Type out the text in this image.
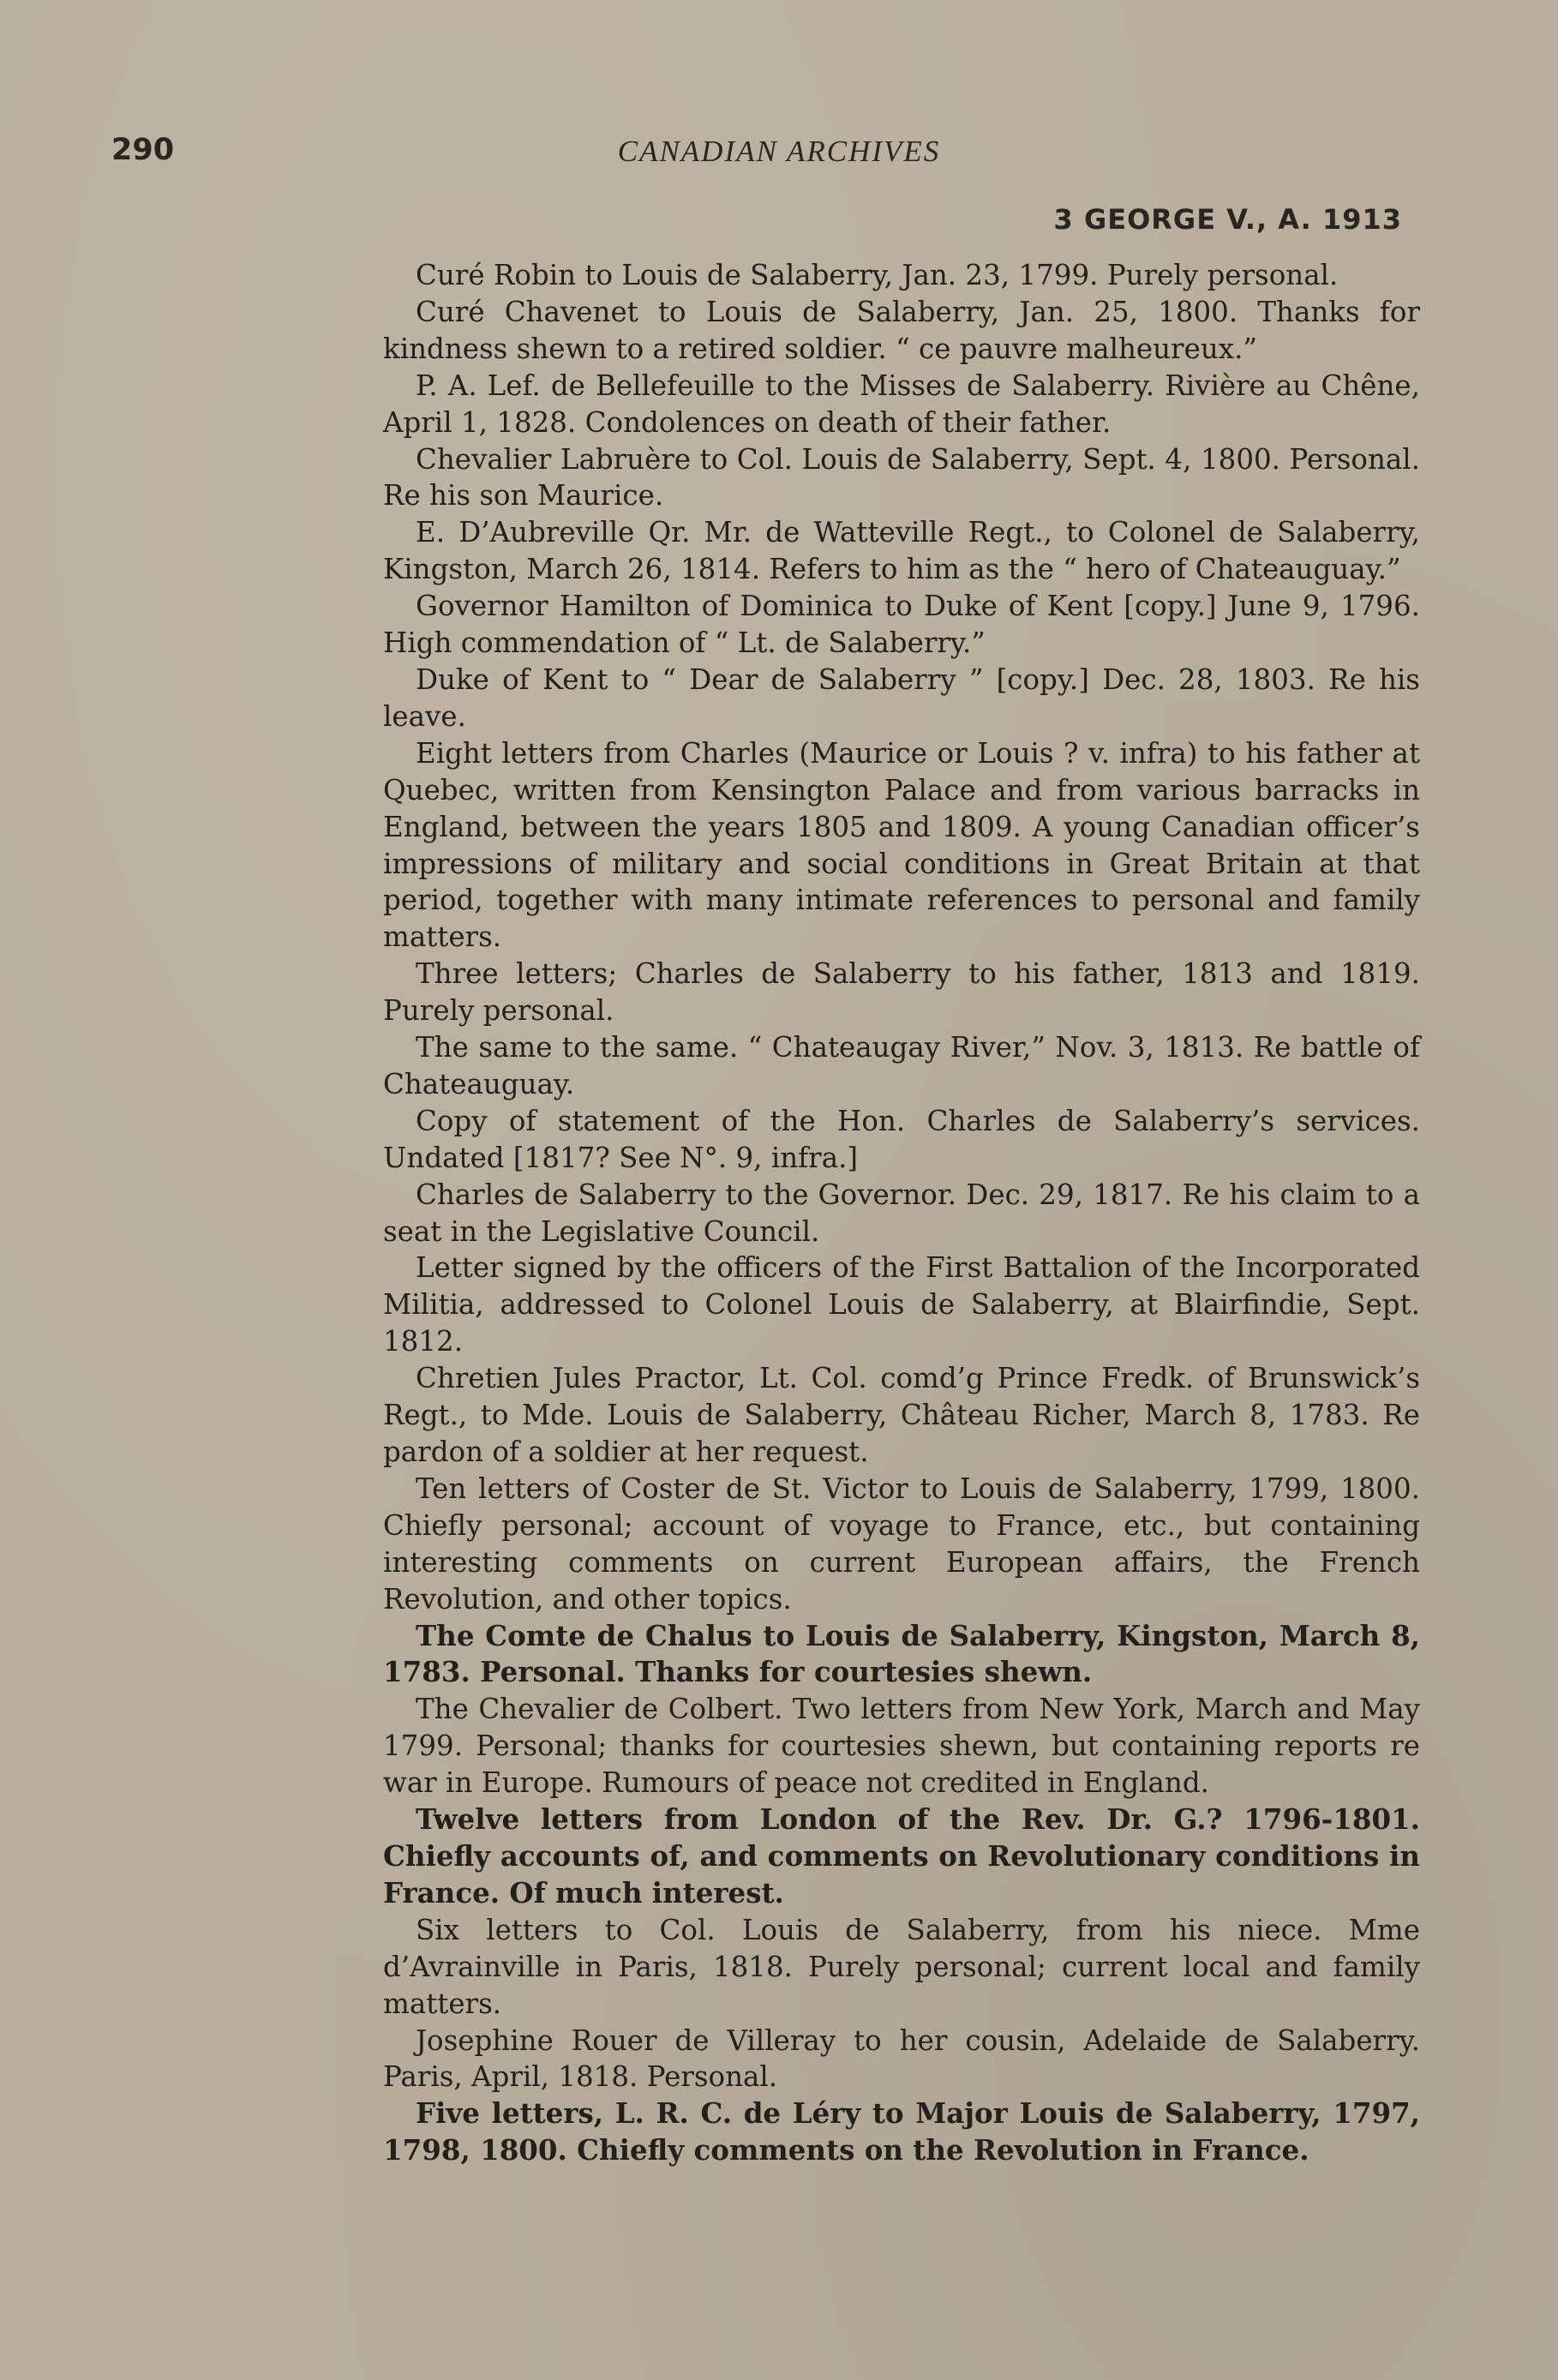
290	CANADIAN ARCHIVES
3 GEORGE V., A. 1913

Curé Robin to Louis de Salaberry, Jan. 23, 1799. Purely personal.

Curé Chavenet to Louis de Salaberry, Jan. 25, 1800. Thanks for kindness shewn to a retired soldier. “ ce pauvre malheureux.”

P. A. Lef. de Bellefeuille to the Misses de Salaberry. Rivière au Chêne, April 1, 1828. Condolences on death of their father.

Chevalier Labruère to Col. Louis de Salaberry, Sept. 4, 1800. Personal. Re his son Maurice.

E. D’Aubreville Qr. Mr. de Watteville Regt., to Colonel de Salaberry, Kingston, March 26, 1814. Refers to him as the “ hero of Chateauguay.”

Governor Hamilton of Dominica to Duke of Kent [copy.] June 9, 1796. High commendation of “ Lt. de Salaberry.”

Duke of Kent to “ Dear de Salaberry ” [copy.] Dec. 28, 1803. Re his leave.

Eight letters from Charles (Maurice or Louis ? v. infra) to his father at Quebec, written from Kensington Palace and from various barracks in England, between the years 1805 and 1809. A young Canadian officer’s impressions of military and social conditions in Great Britain at that period, together with many intimate references to personal and family matters.

Three letters; Charles de Salaberry to his father, 1813 and 1819. Purely personal.

The same to the same. “ Chateaugay River,” Nov. 3, 1813. Re battle of Chateauguay.

Copy of statement of the Hon. Charles de Salaberry’s services. Undated [1817? See N°. 9, infra.]

Charles de Salaberry to the Governor. Dec. 29, 1817. Re his claim to a seat in the Legislative Council.

Letter signed by the officers of the First Battalion of the Incorporated Militia, addressed to Colonel Louis de Salaberry, at Blairfindie, Sept. 1812.

Chretien Jules Practor, Lt. Col. comd’g Prince Fredk. of Brunswick’s Regt., to Mde. Louis de Salaberry, Château Richer, March 8, 1783. Re pardon of a soldier at her request.

Ten letters of Coster de St. Victor to Louis de Salaberry, 1799, 1800. Chiefly personal; account of voyage to France, etc., but containing interesting comments on current European affairs, the French Revolution, and other topics.

The Comte de Chalus to Louis de Salaberry, Kingston, March 8, 1783. Personal. Thanks for courtesies shewn.

The Chevalier de Colbert. Two letters from New York, March and May 1799. Personal; thanks for courtesies shewn, but containing reports re war in Europe. Rumours of peace not credited in England.

Twelve letters from London of the Rev. Dr. G.? 1796-1801. Chiefly accounts of, and comments on Revolutionary conditions in France. Of much interest.

Six letters to Col. Louis de Salaberry, from his niece. Mme d’Avrainville in Paris, 1818. Purely personal; current local and family matters.

Josephine Rouer de Villeray to her cousin, Adelaide de Salaberry. Paris, April, 1818. Personal.

Five letters, L. R. C. de Léry to Major Louis de Salaberry, 1797, 1798, 1800. Chiefly comments on the Revolution in France.
